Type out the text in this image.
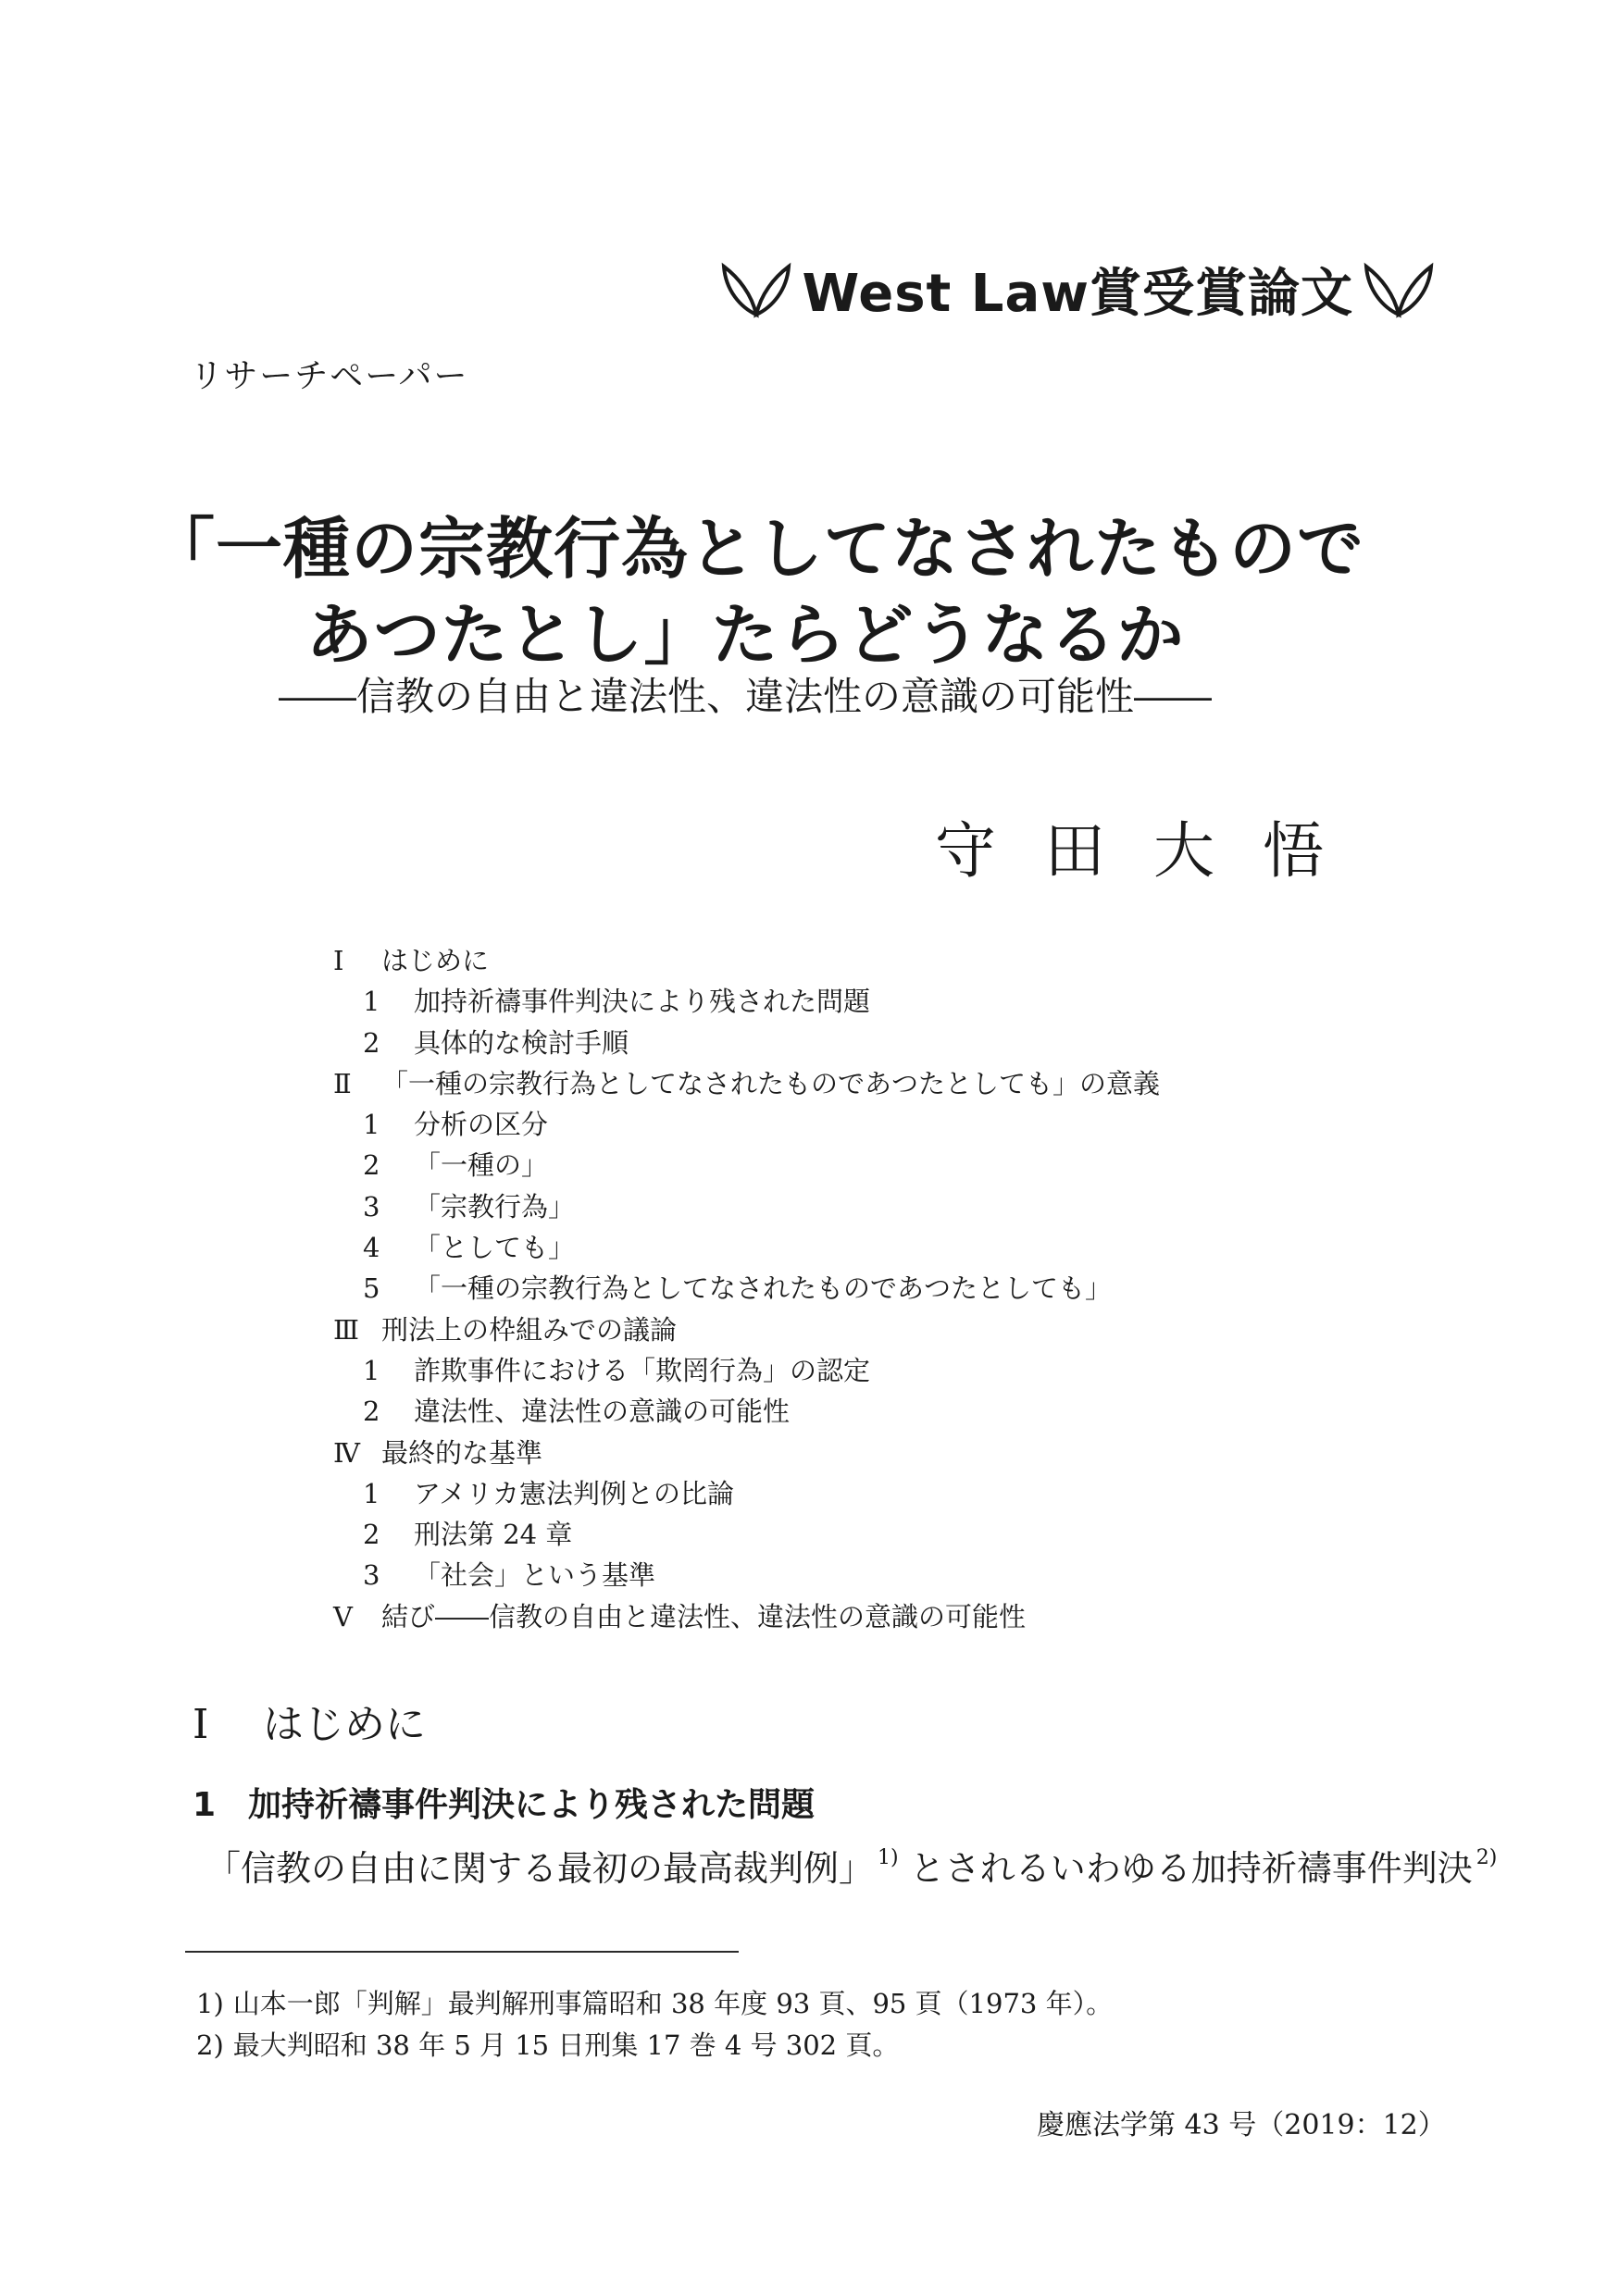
West Law賞受賞論文
リサーチペーパー
「一種の宗教行為としてなされたもので
あつたとし」たらどうなるか
――信教の自由と違法性、違法性の意識の可能性――
守田大悟
Ⅰ	はじめに
1	加持祈禱事件判決により残された問題
2	具体的な検討手順
Ⅱ	「一種の宗教行為としてなされたものであつたとしても」の意義
1	分析の区分
2	「一種の」
3	「宗教行為」
4	「としても」
5	「一種の宗教行為としてなされたものであつたとしても」
Ⅲ 刑法上の枠組みでの議論
1	詐欺事件における「欺罔行為」の認定
2	違法性、違法性の意識の可能性
Ⅳ 最終的な基準
1	アメリカ憲法判例との比論
2	刑法第 24 章
3	「社会」という基準
Ⅴ	結び――信教の自由と違法性、違法性の意識の可能性
Ⅰ はじめに
1 加持祈禱事件判決により残された問題
「信教の自由に関する最初の最高裁判例」 $^{1)}$ とされるいわゆる加持祈禱事件判決 $^{2)}$
1) 山本一郎「判解」最判解刑事篇昭和 38 年度 93 頁、95 頁（1973 年）。
2) 最大判昭和 38 年 5 月 15 日刑集 17 巻 4 号 302 頁。
慶應法学第 43 号（2019：12）
